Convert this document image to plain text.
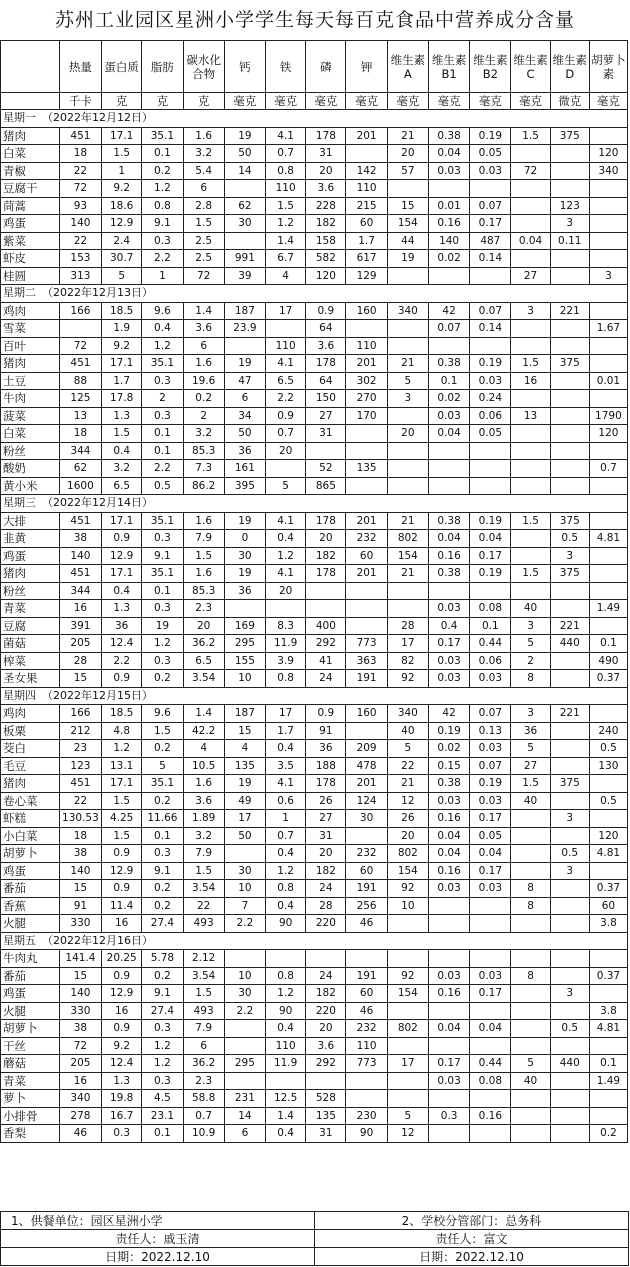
苏州工业园区星洲小学学生每天每百克食品中营养成分含量
	热量	蛋白质	脂肪	碳水化合物	钙	铁	磷	钾	维生素A	维生素B1	维生素B2	维生素C	维生素D	胡萝卜素
	千卡	克	克	克	毫克	毫克	毫克	毫克	毫克	毫克	毫克	毫克	微克	毫克
星期一 （2022年12月12日）														
猪肉	451	17.1	35.1	1.6	19	4.1	178	201	21	0.38	0.19	1.5	375	
白菜	18	1.5	0.1	3.2	50	0.7	31		20	0.04	0.05			120
青椒	22	1	0.2	5.4	14	0.8	20	142	57	0.03	0.03	72		340
豆腐干	72	9.2	1.2	6		110	3.6	110						
茼蒿	93	18.6	0.8	2.8	62	1.5	228	215	15	0.01	0.07		123	
鸡蛋	140	12.9	9.1	1.5	30	1.2	182	60	154	0.16	0.17		3	
紫菜	22	2.4	0.3	2.5		1.4	158	1.7	44	140	487	0.04	0.11	
虾皮	153	30.7	2.2	2.5	991	6.7	582	617	19	0.02	0.14			
桂圆	313	5	1	72	39	4	120	129				27		3
星期二 （2022年12月13日）														
鸡肉	166	18.5	9.6	1.4	187	17	0.9	160	340	42	0.07	3	221	
雪菜		1.9	0.4	3.6	23.9		64			0.07	0.14			1.67
百叶	72	9.2	1.2	6		110	3.6	110						
猪肉	451	17.1	35.1	1.6	19	4.1	178	201	21	0.38	0.19	1.5	375	
土豆	88	1.7	0.3	19.6	47	6.5	64	302	5	0.1	0.03	16		0.01
牛肉	125	17.8	2	0.2	6	2.2	150	270	3	0.02	0.24			
菠菜	13	1.3	0.3	2	34	0.9	27	170		0.03	0.06	13		1790
白菜	18	1.5	0.1	3.2	50	0.7	31		20	0.04	0.05			120
粉丝	344	0.4	0.1	85.3	36	20								
酸奶	62	3.2	2.2	7.3	161		52	135						0.7
黄小米	1600	6.5	0.5	86.2	395	5	865							
星期三 （2022年12月14日）														
大排	451	17.1	35.1	1.6	19	4.1	178	201	21	0.38	0.19	1.5	375	
韭黄	38	0.9	0.3	7.9	0	0.4	20	232	802	0.04	0.04		0.5	4.81
鸡蛋	140	12.9	9.1	1.5	30	1.2	182	60	154	0.16	0.17		3	
猪肉	451	17.1	35.1	1.6	19	4.1	178	201	21	0.38	0.19	1.5	375	
粉丝	344	0.4	0.1	85.3	36	20								
青菜	16	1.3	0.3	2.3						0.03	0.08	40		1.49
豆腐	391	36	19	20	169	8.3	400		28	0.4	0.1	3	221	
菌菇	205	12.4	1.2	36.2	295	11.9	292	773	17	0.17	0.44	5	440	0.1
榨菜	28	2.2	0.3	6.5	155	3.9	41	363	82	0.03	0.06	2		490
圣女果	15	0.9	0.2	3.54	10	0.8	24	191	92	0.03	0.03	8		0.37
星期四 （2022年12月15日）														
鸡肉	166	18.5	9.6	1.4	187	17	0.9	160	340	42	0.07	3	221	
板栗	212	4.8	1.5	42.2	15	1.7	91		40	0.19	0.13	36		240
茭白	23	1.2	0.2	4	4	0.4	36	209	5	0.02	0.03	5		0.5
毛豆	123	13.1	5	10.5	135	3.5	188	478	22	0.15	0.07	27		130
猪肉	451	17.1	35.1	1.6	19	4.1	178	201	21	0.38	0.19	1.5	375	
卷心菜	22	1.5	0.2	3.6	49	0.6	26	124	12	0.03	0.03	40		0.5
虾糕	130.53	4.25	11.66	1.89	17	1	27	30	26	0.16	0.17		3	
小白菜	18	1.5	0.1	3.2	50	0.7	31		20	0.04	0.05			120
胡萝卜	38	0.9	0.3	7.9		0.4	20	232	802	0.04	0.04		0.5	4.81
鸡蛋	140	12.9	9.1	1.5	30	1.2	182	60	154	0.16	0.17		3	
番茄	15	0.9	0.2	3.54	10	0.8	24	191	92	0.03	0.03	8		0.37
香蕉	91	11.4	0.2	22	7	0.4	28	256	10			8		60
火腿	330	16	27.4	493	2.2	90	220	46						3.8
星期五 （2022年12月16日）														
牛肉丸	141.4	20.25	5.78	2.12										
番茄	15	0.9	0.2	3.54	10	0.8	24	191	92	0.03	0.03	8		0.37
鸡蛋	140	12.9	9.1	1.5	30	1.2	182	60	154	0.16	0.17		3	
火腿	330	16	27.4	493	2.2	90	220	46						3.8
胡萝卜	38	0.9	0.3	7.9		0.4	20	232	802	0.04	0.04		0.5	4.81
干丝	72	9.2	1.2	6		110	3.6	110						
蘑菇	205	12.4	1.2	36.2	295	11.9	292	773	17	0.17	0.44	5	440	0.1
青菜	16	1.3	0.3	2.3						0.03	0.08	40		1.49
萝卜	340	19.8	4.5	58.8	231	12.5	528							
小排骨	278	16.7	23.1	0.7	14	1.4	135	230	5	0.3	0.16			
香梨	46	0.3	0.1	10.9	6	0.4	31	90	12					0.2
1、供餐单位：园区星洲小学	2、学校分管部门：总务科
责任人：戚玉清	责任人：富文
日期：2022.12.10	日期：2022.12.10
